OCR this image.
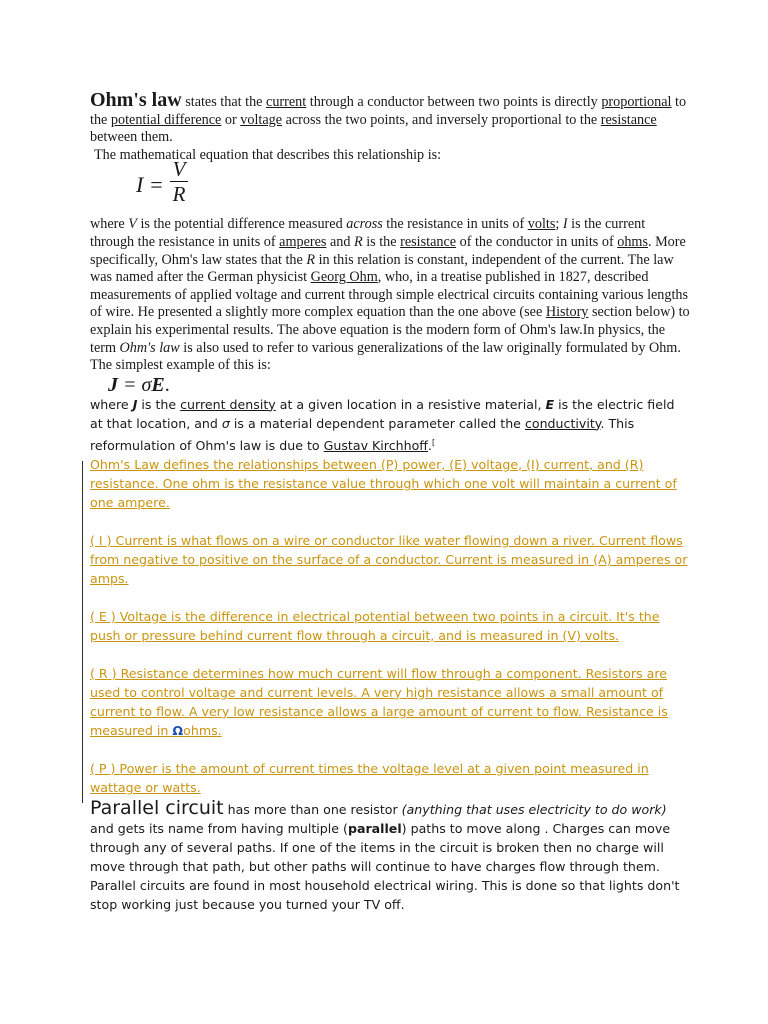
Ohm's law states that the current through a conductor between two points is directly proportional to the potential difference or voltage across the two points, and inversely proportional to the resistance between them.
The mathematical equation that describes this relationship is:
I =
V
R
where V is the potential difference measured across the resistance in units of volts; I is the current through the resistance in units of amperes and R is the resistance of the conductor in units of ohms. More specifically, Ohm's law states that the R in this relation is constant, independent of the current. The law was named after the German physicist Georg Ohm, who, in a treatise published in 1827, described measurements of applied voltage and current through simple electrical circuits containing various lengths of wire. He presented a slightly more complex equation than the one above (see History section below) to explain his experimental results. The above equation is the modern form of Ohm's law.In physics, the term Ohm's law is also used to refer to various generalizations of the law originally formulated by Ohm. The simplest example of this is:
J = σE.
where J is the current density at a given location in a resistive material, E is the electric field at that location, and σ is a material dependent parameter called the conductivity. This reformulation of Ohm's law is due to Gustav Kirchhoff.[
Ohm's Law defines the relationships between (P) power, (E) voltage, (I) current, and (R) resistance. One ohm is the resistance value through which one volt will maintain a current of one ampere.
( I ) Current is what flows on a wire or conductor like water flowing down a river. Current flows from negative to positive on the surface of a conductor. Current is measured in (A) amperes or amps.
( E ) Voltage is the difference in electrical potential between two points in a circuit. It's the push or pressure behind current flow through a circuit, and is measured in (V) volts.
( R ) Resistance determines how much current will flow through a component. Resistors are used to control voltage and current levels. A very high resistance allows a small amount of current to flow. A very low resistance allows a large amount of current to flow. Resistance is measured in Ωohms.
( P ) Power is the amount of current times the voltage level at a given point measured in wattage or watts.
Parallel circuit has more than one resistor (anything that uses electricity to do work) and gets its name from having multiple (parallel) paths to move along . Charges can move through any of several paths. If one of the items in the circuit is broken then no charge will move through that path, but other paths will continue to have charges flow through them. Parallel circuits are found in most household electrical wiring. This is done so that lights don't stop working just because you turned your TV off.
